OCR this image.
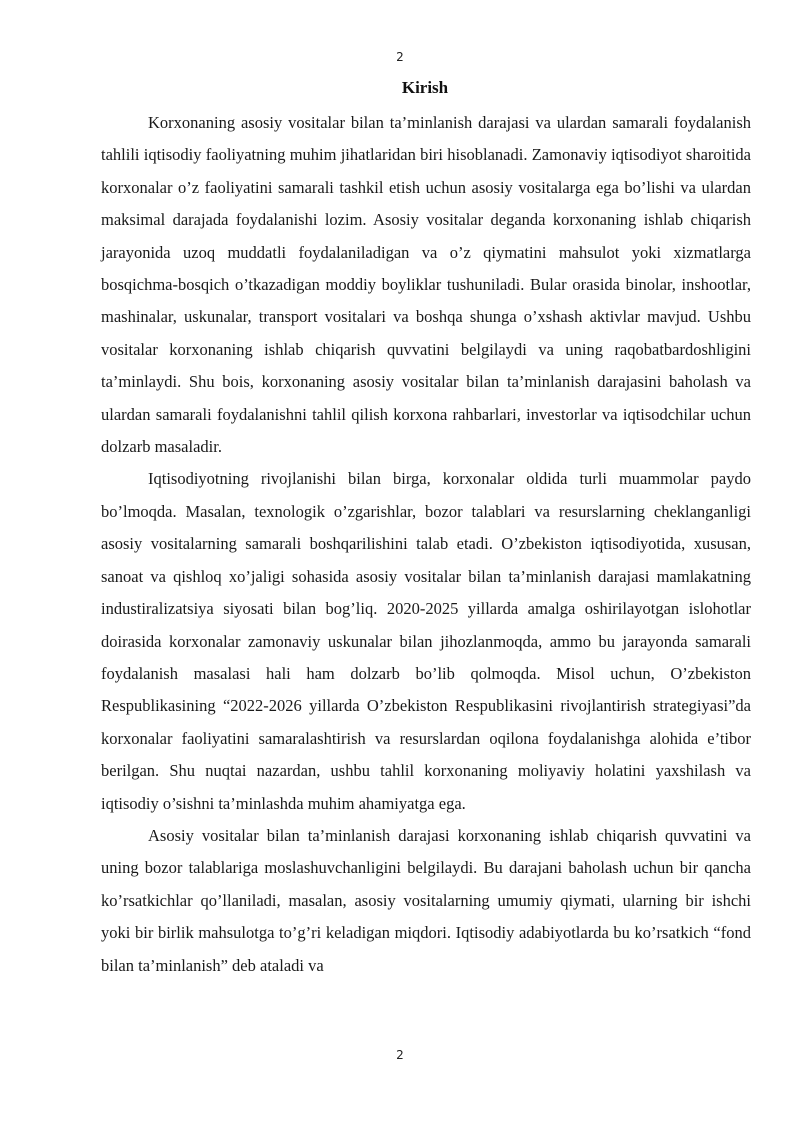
2
Kirish

Korxonaning asosiy vositalar bilan ta’minlanish darajasi va ulardan samarali foydalanish tahlili iqtisodiy faoliyatning muhim jihatlaridan biri hisoblanadi. Zamonaviy iqtisodiyot sharoitida korxonalar o’z faoliyatini samarali tashkil etish uchun asosiy vositalarga ega bo’lishi va ulardan maksimal darajada foydalanishi lozim. Asosiy vositalar deganda korxonaning ishlab chiqarish jarayonida uzoq muddatli foydalaniladigan va o’z qiymatini mahsulot yoki xizmatlarga bosqichma-bosqich o’tkazadigan moddiy boyliklar tushuniladi. Bular orasida binolar, inshootlar, mashinalar, uskunalar, transport vositalari va boshqa shunga o’xshash aktivlar mavjud. Ushbu vositalar korxonaning ishlab chiqarish quvvatini belgilaydi va uning raqobatbardoshligini ta’minlaydi. Shu bois, korxonaning asosiy vositalar bilan ta’minlanish darajasini baholash va ulardan samarali foydalanishni tahlil qilish korxona rahbarlari, investorlar va iqtisodchilar uchun dolzarb masaladir.

Iqtisodiyotning rivojlanishi bilan birga, korxonalar oldida turli muammolar paydo bo’lmoqda. Masalan, texnologik o’zgarishlar, bozor talablari va resurslarning cheklanganligi asosiy vositalarning samarali boshqarilishini talab etadi. O’zbekiston iqtisodiyotida, xususan, sanoat va qishloq xo’jaligi sohasida asosiy vositalar bilan ta’minlanish darajasi mamlakatning industiralizatsiya siyosati bilan bog’liq. 2020-2025 yillarda amalga oshirilayotgan islohotlar doirasida korxonalar zamonaviy uskunalar bilan jihozlanmoqda, ammo bu jarayonda samarali foydalanish masalasi hali ham dolzarb bo’lib qolmoqda. Misol uchun, O’zbekiston Respublikasining “2022-2026 yillarda O’zbekiston Respublikasini rivojlantirish strategiyasi”da korxonalar faoliyatini samaralashtirish va resurslardan oqilona foydalanishga alohida e’tibor berilgan. Shu nuqtai nazardan, ushbu tahlil korxonaning moliyaviy holatini yaxshilash va iqtisodiy o’sishni ta’minlashda muhim ahamiyatga ega.

Asosiy vositalar bilan ta’minlanish darajasi korxonaning ishlab chiqarish quvvatini va uning bozor talablariga moslashuvchanligini belgilaydi. Bu darajani baholash uchun bir qancha ko’rsatkichlar qo’llaniladi, masalan, asosiy vositalarning umumiy qiymati, ularning bir ishchi yoki bir birlik mahsulotga to’g’ri keladigan miqdori. Iqtisodiy adabiyotlarda bu ko’rsatkich “fond bilan ta’minlanish” deb ataladi va

2
